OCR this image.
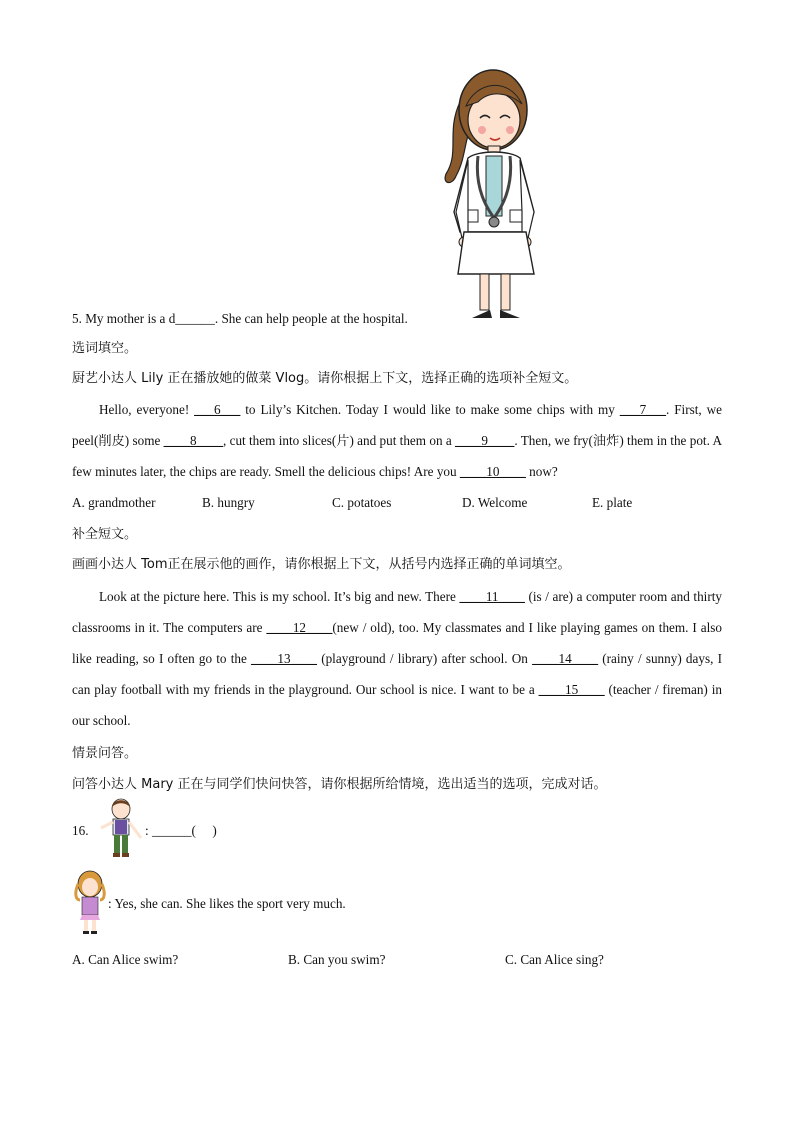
5. My mother is a d______. She can help people at the hospital.
选词填空。
厨艺小达人 Lily 正在播放她的做菜 Vlog。请你根据上下文，选择正确的选项补全短文。
Hello, everyone! ___6___ to Lily’s Kitchen. Today I would like to make some chips with my ___7___. First, we peel(削皮) some ____8____, cut them into slices(片) and put them on a ____9____. Then, we fry(油炸) them in the pot. A few minutes later, the chips are ready. Smell the delicious chips! Are you ____10____ now?
A. grandmother	B. hungry	C. potatoes	D. Welcome	E. plate
补全短文。
画画小达人 Tom正在展示他的画作，请你根据上下文，从括号内选择正确的单词填空。
Look at the picture here. This is my school. It’s big and new. There ____11____ (is / are) a computer room and thirty classrooms in it. The computers are ____12____(new / old), too. My classmates and I like playing games on them. I also like reading, so I often go to the ____13____ (playground / library) after school. On ____14____ (rainy / sunny) days, I can play football with my friends in the playground. Our school is nice. I want to be a ____15____ (teacher / fireman) in our school.
情景问答。
问答小达人 Mary 正在与同学们快问快答，请你根据所给情境，选出适当的选项，完成对话。
16.	: ______(　 )
: Yes, she can. She likes the sport very much.
A. Can Alice swim?	B. Can you swim?	C. Can Alice sing?
